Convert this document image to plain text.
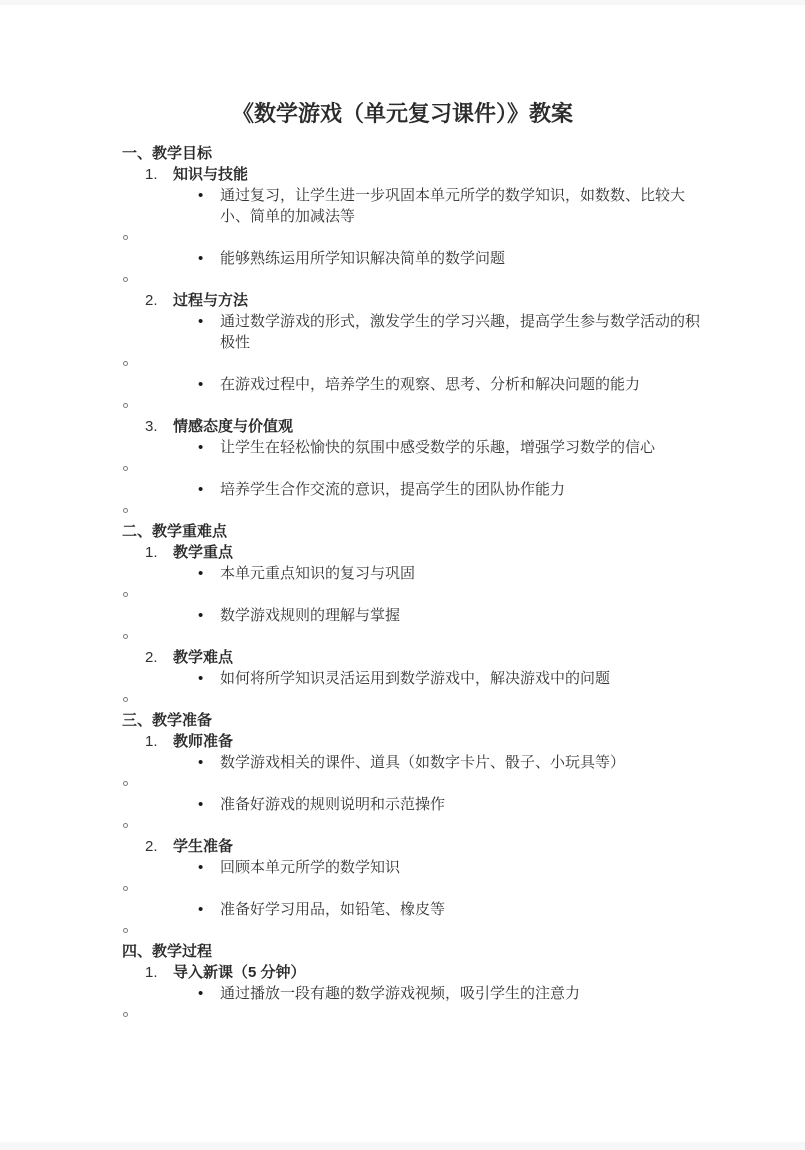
《数学游戏（单元复习课件）》教案
一、教学目标
1. 知识与技能
• 通过复习，让学生进一步巩固本单元所学的数学知识，如数数、比较大小、简单的加减法等
• 能够熟练运用所学知识解决简单的数学问题
2. 过程与方法
• 通过数学游戏的形式，激发学生的学习兴趣，提高学生参与数学活动的积极性
• 在游戏过程中，培养学生的观察、思考、分析和解决问题的能力
3. 情感态度与价值观
• 让学生在轻松愉快的氛围中感受数学的乐趣，增强学习数学的信心
• 培养学生合作交流的意识，提高学生的团队协作能力
二、教学重难点
1. 教学重点
• 本单元重点知识的复习与巩固
• 数学游戏规则的理解与掌握
2. 教学难点
• 如何将所学知识灵活运用到数学游戏中，解决游戏中的问题
三、教学准备
1. 教师准备
• 数学游戏相关的课件、道具（如数字卡片、骰子、小玩具等）
• 准备好游戏的规则说明和示范操作
2. 学生准备
• 回顾本单元所学的数学知识
• 准备好学习用品，如铅笔、橡皮等
四、教学过程
1. 导入新课（5 分钟）
• 通过播放一段有趣的数学游戏视频，吸引学生的注意力
